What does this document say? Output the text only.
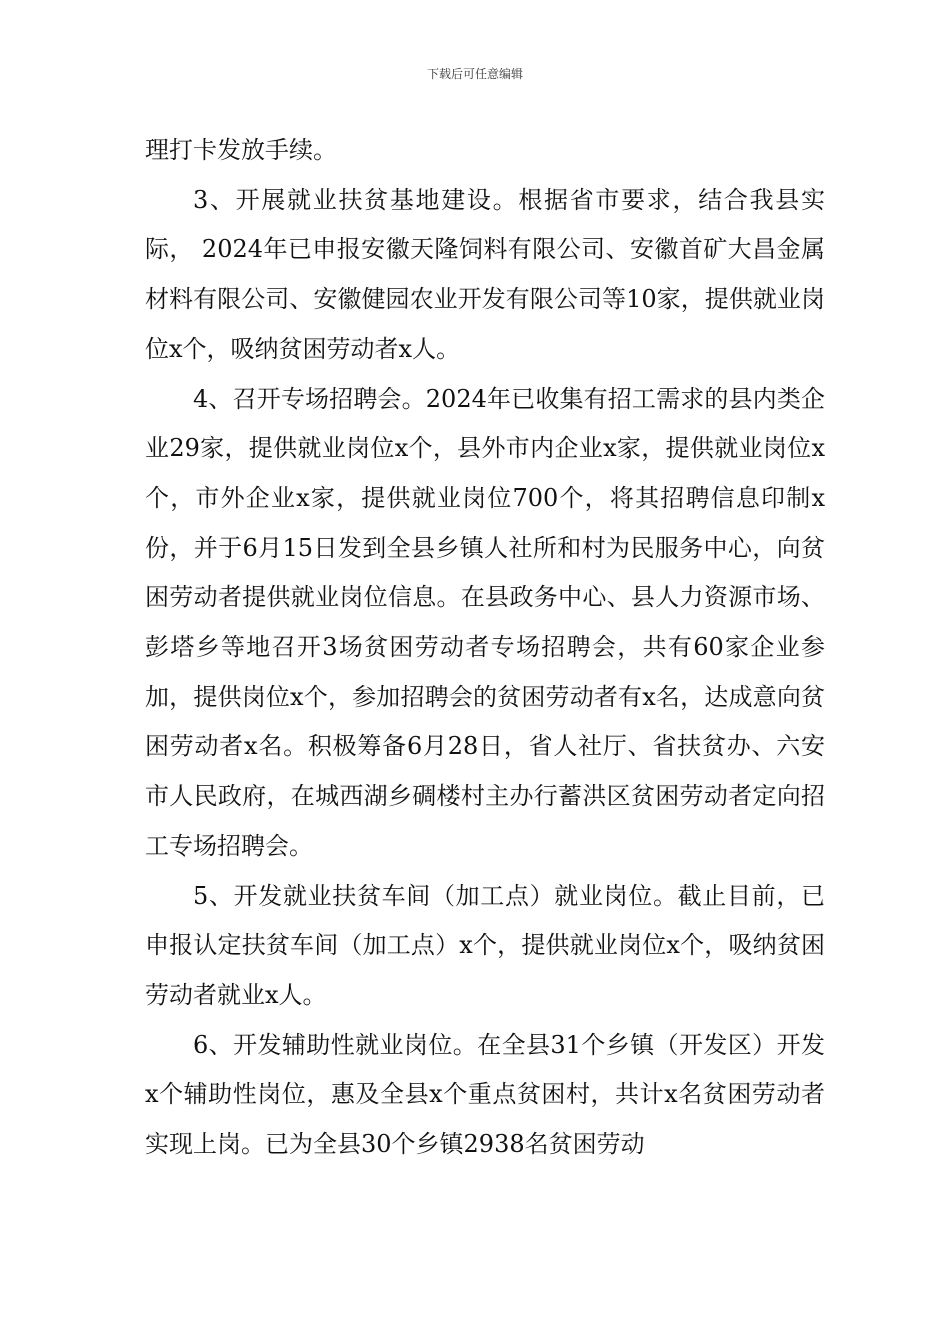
下载后可任意编辑

理打卡发放手续。

3、开展就业扶贫基地建设。根据省市要求，结合我县实际， 2024年已申报安徽天隆饲料有限公司、安徽首矿大昌金属材料有限公司、安徽健园农业开发有限公司等10家，提供就业岗位x个，吸纳贫困劳动者x人。

4、召开专场招聘会。2024年已收集有招工需求的县内类企业29家，提供就业岗位x个，县外市内企业x家，提供就业岗位x个，市外企业x家，提供就业岗位700个，将其招聘信息印制x份，并于6月15日发到全县乡镇人社所和村为民服务中心，向贫困劳动者提供就业岗位信息。在县政务中心、县人力资源市场、彭塔乡等地召开3场贫困劳动者专场招聘会，共有60家企业参加，提供岗位x个，参加招聘会的贫困劳动者有x名，达成意向贫困劳动者x名。积极筹备6月28日，省人社厅、省扶贫办、六安市人民政府，在城西湖乡碉楼村主办行蓄洪区贫困劳动者定向招工专场招聘会。

5、开发就业扶贫车间（加工点）就业岗位。截止目前，已申报认定扶贫车间（加工点）x个，提供就业岗位x个，吸纳贫困劳动者就业x人。

6、开发辅助性就业岗位。在全县31个乡镇（开发区）开发x个辅助性岗位，惠及全县x个重点贫困村，共计x名贫困劳动者实现上岗。已为全县30个乡镇2938名贫困劳动
